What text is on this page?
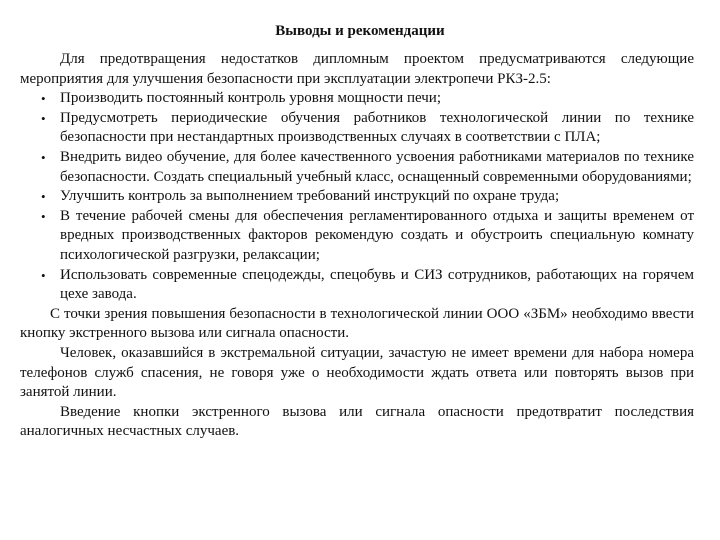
Выводы и рекомендации

Для предотвращения недостатков дипломным проектом предусматриваются следующие мероприятия для улучшения безопасности при эксплуатации электропечи РКЗ-2.5:

• Производить постоянный контроль уровня мощности печи;
• Предусмотреть периодические обучения работников технологической линии по технике безопасности при нестандартных производственных случаях в соответствии с ПЛА;
• Внедрить видео обучение, для более качественного усвоения работниками материалов по технике безопасности. Создать специальный учебный класс, оснащенный современными оборудованиями;
• Улучшить контроль за выполнением требований инструкций по охране труда;
• В течение рабочей смены для обеспечения регламентированного отдыха и защиты временем от вредных производственных факторов рекомендую создать и обустроить специальную комнату психологической разгрузки, релаксации;
• Использовать современные спецодежды, спецобувь и СИЗ сотрудников, работающих на горячем цехе завода.

С точки зрения повышения безопасности в технологической линии ООО «ЗБМ» необходимо ввести кнопку экстренного вызова или сигнала опасности.

Человек, оказавшийся в экстремальной ситуации, зачастую не имеет времени для набора номера телефонов служб спасения, не говоря уже о необходимости ждать ответа или повторять вызов при занятой линии.

Введение кнопки экстренного вызова или сигнала опасности предотвратит последствия аналогичных несчастных случаев.
